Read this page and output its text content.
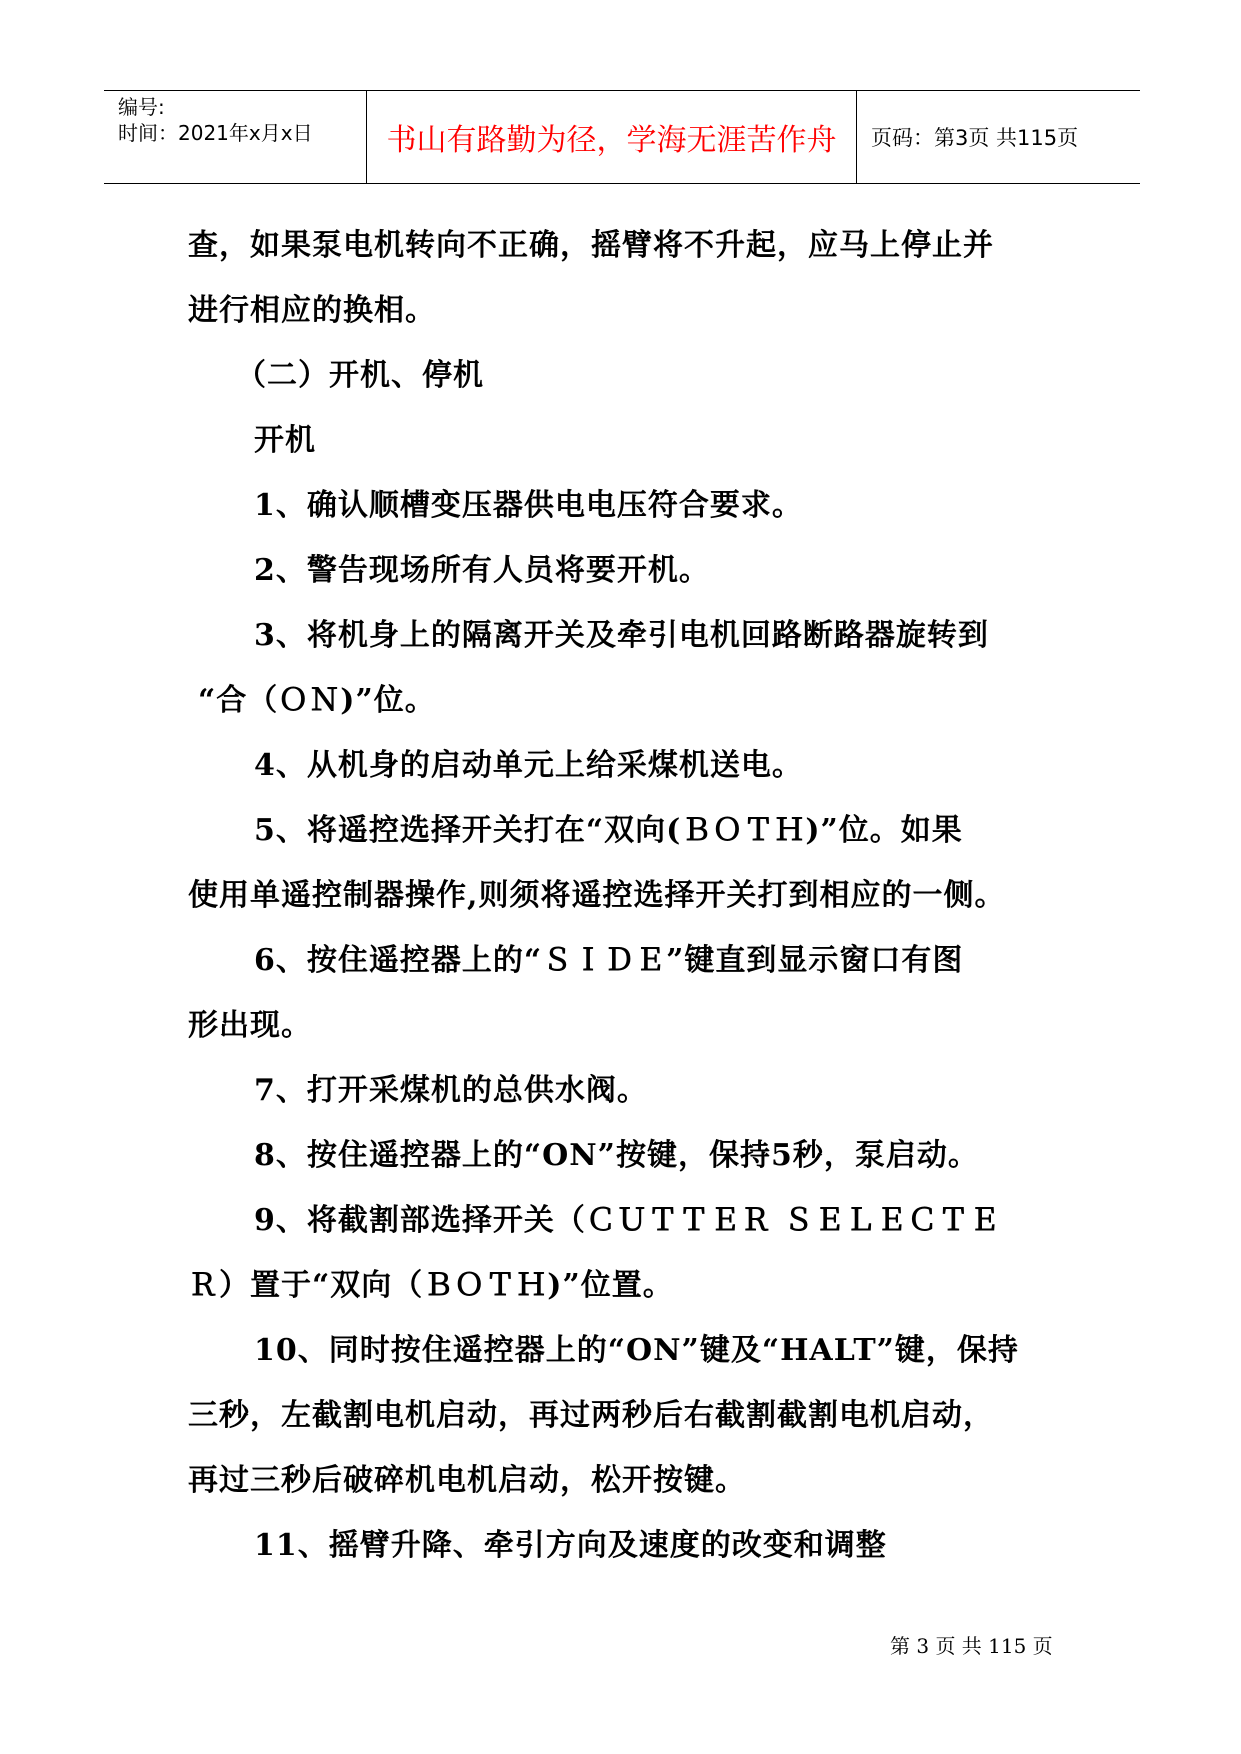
编号:
时间：2021年x月x日	书山有路勤为径，学海无涯苦作舟 页码：第3页 共115页

查，如果泵电机转向不正确，摇臂将不升起，应马上停止并

进行相应的换相。

（二）开机、停机

开机

1、确认顺槽变压器供电电压符合要求。

2、警告现场所有人员将要开机。

3、将机身上的隔离开关及牵引电机回路断路器旋转到

“合（ＯＮ)”位。

4、从机身的启动单元上给采煤机送电。

5、将遥控选择开关打在“双向(ＢＯＴＨ)”位。如果

使用单遥控制器操作,则须将遥控选择开关打到相应的一侧。

6、按住遥控器上的“ＳＩＤＥ”键直到显示窗口有图

形出现。

7、打开采煤机的总供水阀。

8、按住遥控器上的“ON”按键，保持5秒，泵启动。

9、将截割部选择开关（ＣＵＴＴＥＲ ＳＥＬＥＣＴＥ

Ｒ）置于“双向（ＢＯＴＨ)”位置。

10、同时按住遥控器上的“ON”键及“HALT”键，保持

三秒，左截割电机启动，再过两秒后右截割截割电机启动，

再过三秒后破碎机电机启动，松开按键。

11、摇臂升降、牵引方向及速度的改变和调整

第 3 页 共 115 页
